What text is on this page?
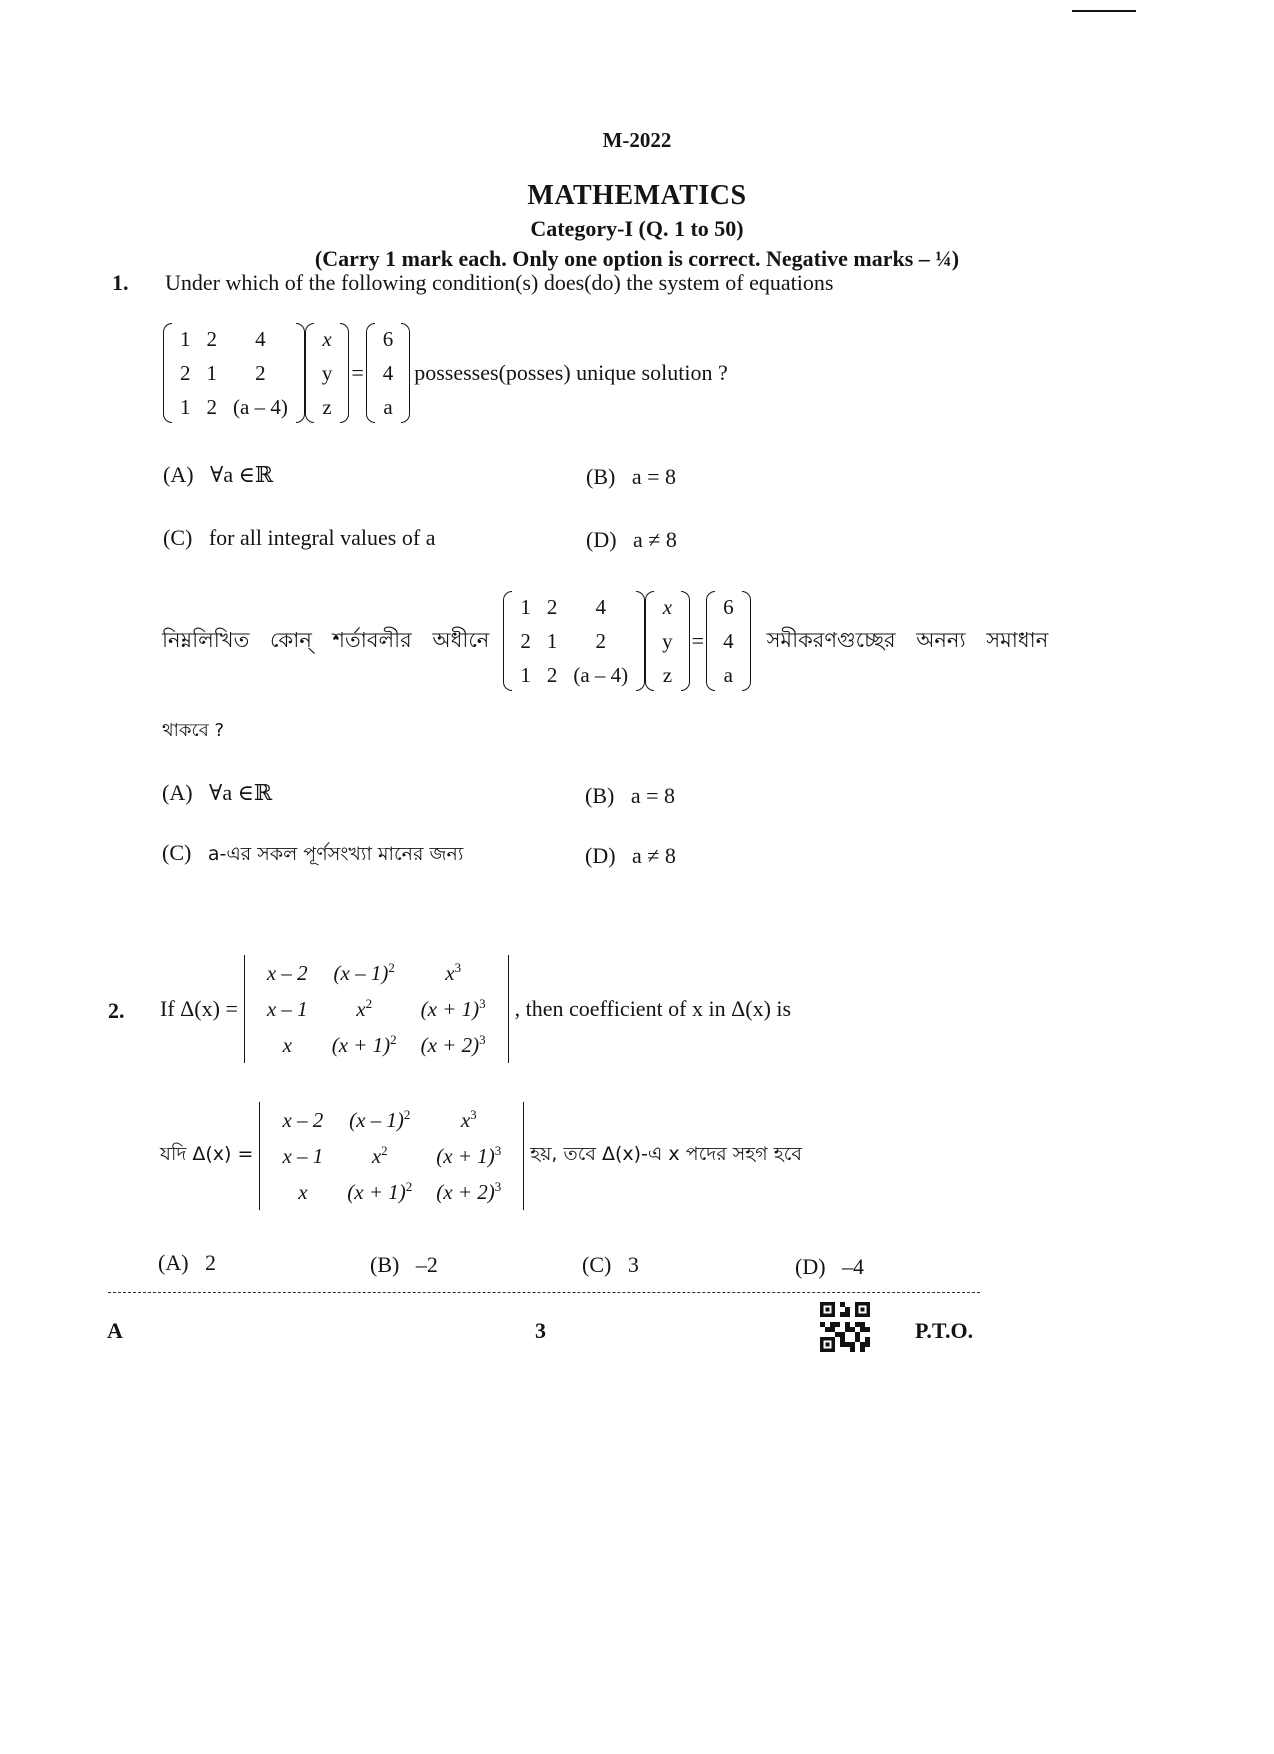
M-2022
MATHEMATICS
Category-I (Q. 1 to 50)
(Carry 1 mark each. Only one option is correct. Negative marks – ¼)
1. Under which of the following condition(s) does(do) the system of equations
1	2	4
2	1	2
1	2	(a – 4)
x
y
z
=
6
4
a
possesses(posses) unique solution ?
(A) ∀a ∈ℝ	(B) a = 8
(C) for all integral values of a	(D) a ≠ 8
নিম্নলিখিত কোন্ শর্তাবলীর অধীনে
1	2	4
2	1	2
1	2	(a – 4)
x
y
z
=
6
4
a
সমীকরণগুচ্ছের অনন্য সমাধান
থাকবে ?
(A) ∀a ∈ℝ	(B) a = 8
(C) a-এর সকল পূর্ণসংখ্যা মানের জন্য	(D) a ≠ 8
2. If Δ(x) =
x – 2	(x – 1)$^2$	$x^3$
x – 1	$x^2$	$(x + 1)^3$
x	$(x + 1)^2$	$(x + 2)^3$
, then coefficient of x in Δ(x) is
যদি Δ(x) =
x – 2	(x – 1)$^2$	$x^3$
x – 1	$x^2$	$(x + 1)^3$
x	$(x + 1)^2$	$(x + 2)^3$
হয়, তবে Δ(x)-এ x পদের সহগ হবে
(A) 2	(B) –2	(C) 3	(D) –4
A	3	P.T.O.
